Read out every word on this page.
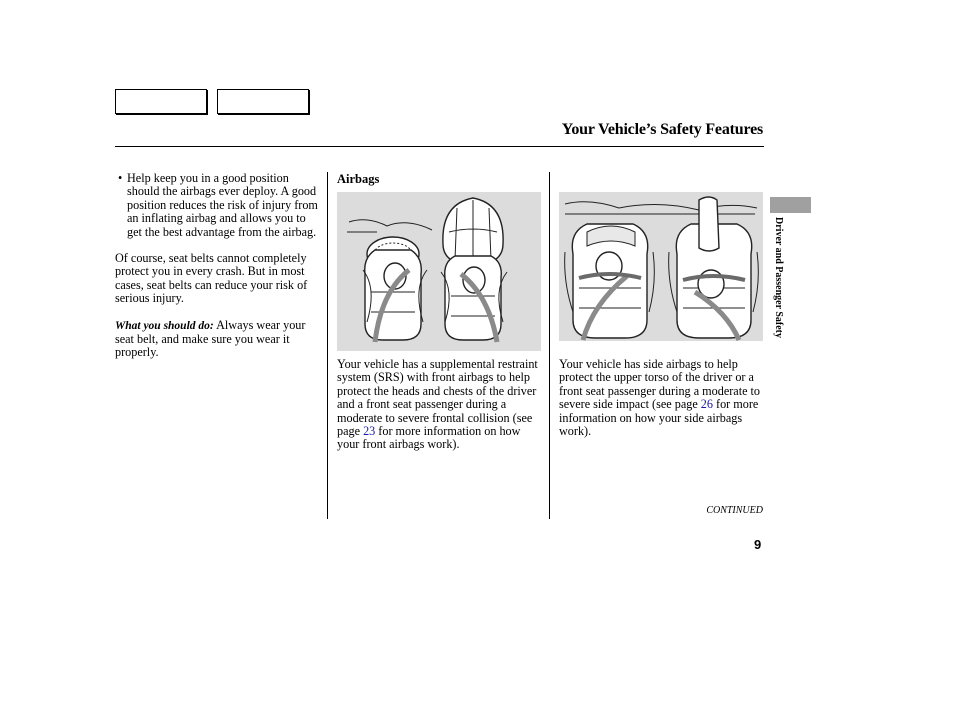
Your Vehicle’s Safety Features
• Help keep you in a good position should the airbags ever deploy. A good position reduces the risk of injury from an inflating airbag and allows you to get the best advantage from the airbag.

Of course, seat belts cannot completely protect you in every crash. But in most cases, seat belts can reduce your risk of serious injury.

What you should do: Always wear your seat belt, and make sure you wear it properly.

Airbags
Your vehicle has a supplemental restraint system (SRS) with front airbags to help protect the heads and chests of the driver and a front seat passenger during a moderate to severe frontal collision (see page 23 for more information on how your front airbags work).
Your vehicle has side airbags to help protect the upper torso of the driver or a front seat passenger during a moderate to severe side impact (see page 26 for more information on how your side airbags work).
CONTINUED
9
Driver and Passenger Safety
